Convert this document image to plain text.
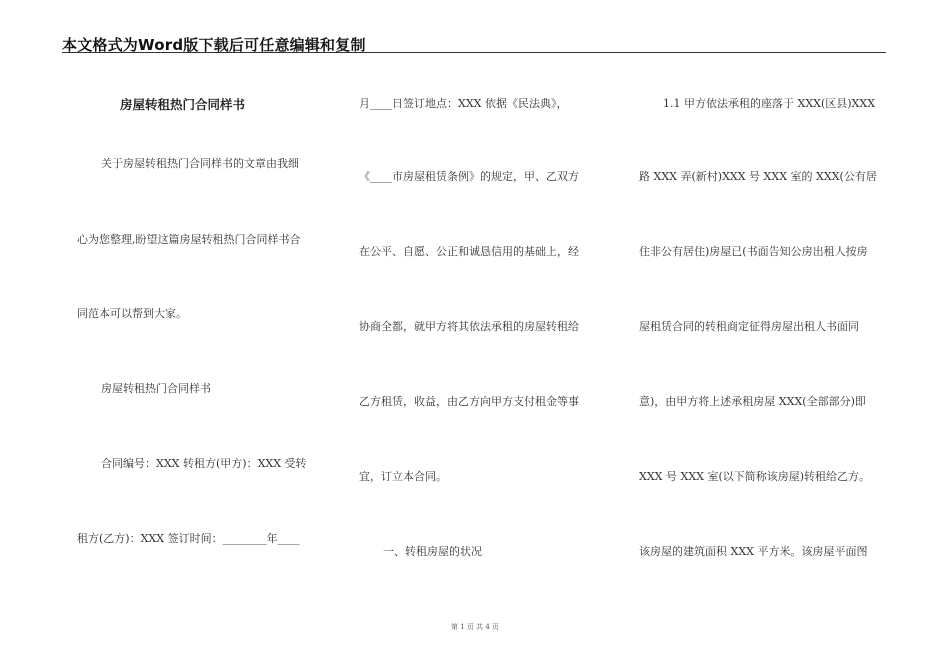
本文格式为Word版下载后可任意编辑和复制
房屋转租热门合同样书
关于房屋转租热门合同样书的文章由我细
心为您整理,盼望这篇房屋转租热门合同样书合
同范本可以帮到大家。
房屋转租热门合同样书
合同编号：XXX 转租方(甲方)：XXX 受转
租方(乙方)：XXX 签订时间：________年____
月____日签订地点：XXX 依据《民法典》，
《____市房屋租赁条例》的规定，甲、乙双方
在公平、自愿、公正和诚恳信用的基础上，经
协商全都，就甲方将其依法承租的房屋转租给
乙方租赁，收益，由乙方向甲方支付租金等事
宜，订立本合同。
一、转租房屋的状况
1.1 甲方依法承租的座落于 XXX(区县)XXX
路 XXX 弄(新村)XXX 号 XXX 室的 XXX(公有居
住非公有居住)房屋已(书面告知公房出租人按房
屋租赁合同的转租商定征得房屋出租人书面同
意)，由甲方将上述承租房屋 XXX(全部部分)即
XXX 号 XXX 室(以下简称该房屋)转租给乙方。
该房屋的建筑面积 XXX 平方米。该房屋平面图
第 1 页 共 4 页
